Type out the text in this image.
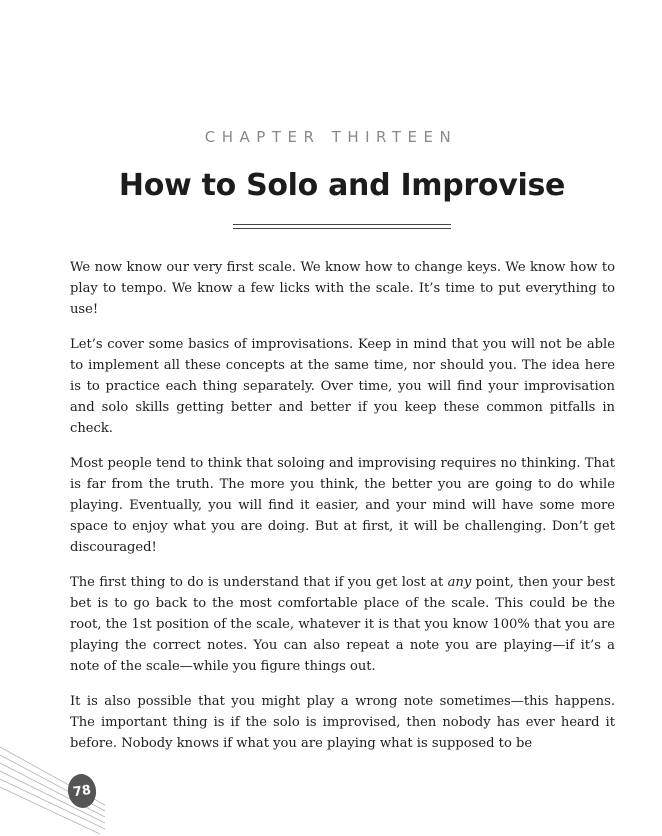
CHAPTER THIRTEEN
How to Solo and Improvise

We now know our very first scale. We know how to change keys. We know how to play to tempo. We know a few licks with the scale. It’s time to put everything to use!

Let’s cover some basics of improvisations. Keep in mind that you will not be able to implement all these concepts at the same time, nor should you. The idea here is to practice each thing separately. Over time, you will find your improvisation and solo skills getting better and better if you keep these common pitfalls in check.

Most people tend to think that soloing and improvising requires no thinking. That is far from the truth. The more you think, the better you are going to do while playing. Eventually, you will find it easier, and your mind will have some more space to enjoy what you are doing. But at first, it will be challenging. Don’t get discouraged!

The first thing to do is understand that if you get lost at any point, then your best bet is to go back to the most comfortable place of the scale. This could be the root, the 1st position of the scale, whatever it is that you know 100% that you are playing the correct notes. You can also repeat a note you are playing—if it’s a note of the scale—while you figure things out.

It is also possible that you might play a wrong note sometimes—this happens. The important thing is if the solo is improvised, then nobody has ever heard it before. Nobody knows if what you are playing what is supposed to be

78
